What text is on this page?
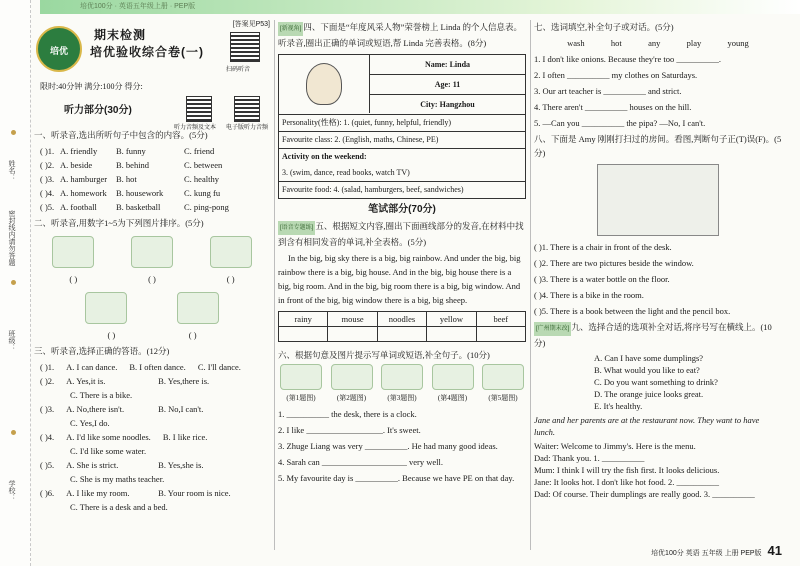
培优100分 · 英语五年级上册 · PEP版
姓名：
密封线内请勿答题
班级：
学校：
培优
[答案见P53]
期末检测
培优验收综合卷(一)
扫码听音
限时:40分钟 满分:100分 得分:
听力部分(30分)
听力音频及文本 电子版听力音频
一、听录音,选出所听句子中包含的内容。(5分)
( )1. A. friendly	B. funny	C. friend
( )2. A. beside	B. behind	C. between
( )3. A. hamburger	B. hot	C. healthy
( )4. A. homework	B. housework	C. kung fu
( )5. A. football	B. basketball	C. ping-pong
二、听录音,用数字1~5为下列图片排序。(5分)
( )	( )	( )
( )	( )
三、听录音,选择正确的答语。(12分)
( )1. A. I can dance. B. I often dance. C. I'll dance.
( )2. A. Yes,it is.	B. Yes,there is.
C. There is a bike.
( )3. A. No,there isn't.	B. No,I can't.
C. Yes,I do.
( )4. A. I'd like some noodles. B. I like rice.
C. I'd like some water.
( )5. A. She is strict.	B. Yes,she is.
C. She is my maths teacher.
( )6. A. I like my room.	B. Your room is nice.
C. There is a desk and a bed.
[新视角] 四、下面是“年度风采人物”荣誉榜上 Linda 的个人信息表。听录音,圈出正确的单词或短语,帮 Linda 完善表格。(8分)
Name: Linda
Age: 11
City: Hangzhou
Personality(性格): 1. (quiet, funny, helpful, friendly)
Favourite class: 2. (English, maths, Chinese, PE)
Activity on the weekend:
3. (swim, dance, read books, watch TV)
Favourite food: 4. (salad, hamburgers, beef, sandwiches)
笔试部分(70分)
[语音专题练] 五、根据短文内容,圈出下面画线部分的发音,在材料中找到含有相同发音的单词,补全表格。(5分)
In the big, big sky there is a big, big rainbow. And under the big, big rainbow there is a big, big house. And in the big, big house there is a big, big room. And in the big, big room there is a big, big window. And in front of the big, big window there is a big, big sheep.
rainy	mouse	noodles	yellow	beef
六、根据句意及图片提示写单词或短语,补全句子。(10分)
(第1题图)	(第2题图)	(第3题图)	(第4题图)	(第5题图)
1. __________ the desk, there is a clock.
2. I like __________________. It's sweet.
3. Zhuge Liang was very __________. He had many good ideas.
4. Sarah can ____________________ very well.
5. My favourite day is __________. Because we have PE on that day.
七、选词填空,补全句子或对话。(5分)
wash	hot	any	play	young
1. I don't like onions. Because they're too __________.
2. I often __________ my clothes on Saturdays.
3. Our art teacher is __________ and strict.
4. There aren't __________ houses on the hill.
5. —Can you __________ the pipa? —No, I can't.
八、下面是 Amy 刚刚打扫过的房间。看图,判断句子正(T)误(F)。(5分)
( )1. There is a chair in front of the desk.
( )2. There are two pictures beside the window.
( )3. There is a water bottle on the floor.
( )4. There is a bike in the room.
( )5. There is a book between the light and the pencil box.
[广州期末改] 九、选择合适的选项补全对话,将序号写在横线上。(10分)
A. Can I have some dumplings?
B. What would you like to eat?
C. Do you want something to drink?
D. The orange juice looks great.
E. It's healthy.
Jane and her parents are at the restaurant now. They want to have lunch.
Waiter: Welcome to Jimmy's. Here is the menu.
Dad: Thank you. 1. __________
Mum: I think I will try the fish first. It looks delicious.
Jane: It looks hot. I don't like hot food. 2. __________
Dad: Of course. Their dumplings are really good. 3. __________
培优100分 英语 五年级 上册 PEP版 41
